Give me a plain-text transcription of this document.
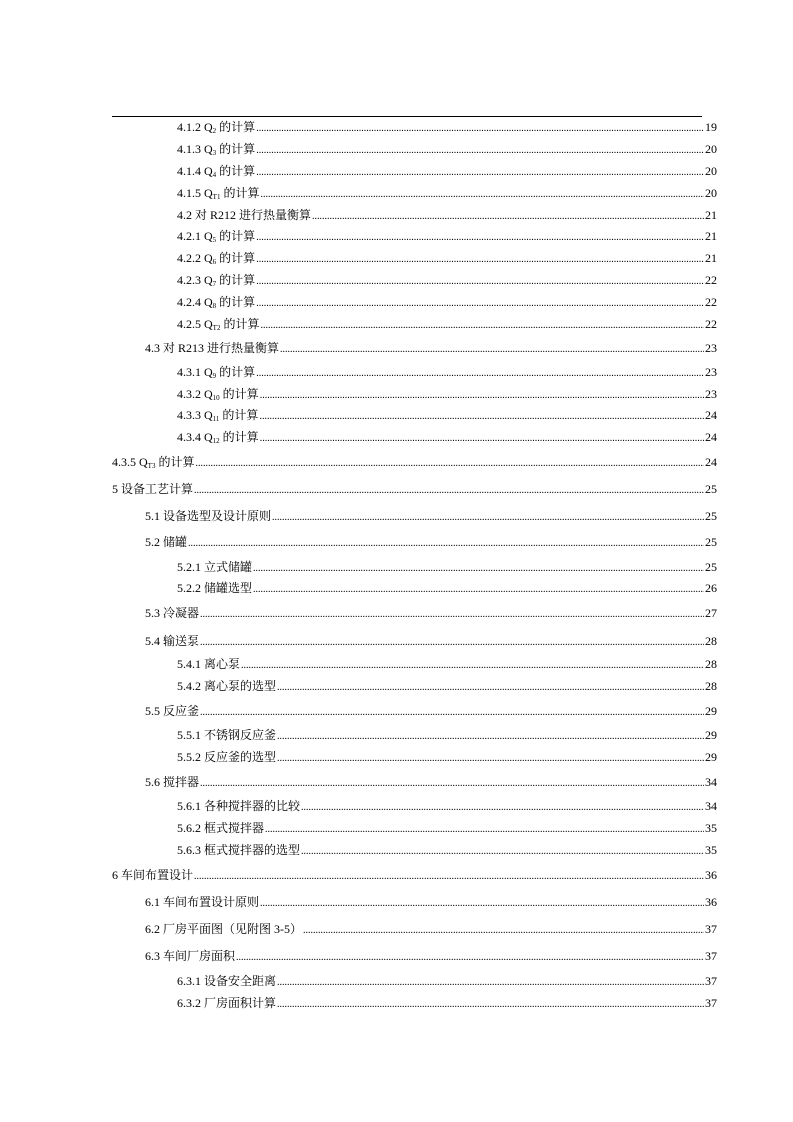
4.1.2 $Q_2$ 的计算 .....	19
4.1.3 $Q_3$ 的计算 .....	20
4.1.4 $Q_4$ 的计算 .....	20
4.1.5 $Q_{T1}$ 的计算 .....	20
4.2 对 R212 进行热量衡算 .....	21
4.2.1 $Q_5$ 的计算 .....	21
4.2.2 $Q_6$ 的计算 .....	21
4.2.3 $Q_7$ 的计算 .....	22
4.2.4 $Q_8$ 的计算 .....	22
4.2.5 $Q_{T2}$ 的计算 .....	22
4.3 对 R213 进行热量衡算 .....	23
4.3.1 $Q_9$ 的计算 .....	23
4.3.2 $Q_{10}$ 的计算 .....	23
4.3.3 $Q_{11}$ 的计算 .....	24
4.3.4 $Q_{12}$ 的计算 .....	24
4.3.5 $Q_{T3}$ 的计算 .....	24
5 设备工艺计算 .....	25
5.1 设备选型及设计原则 .....	25
5.2 储罐 .....	25
5.2.1 立式储罐 .....	25
5.2.2 储罐选型 .....	26
5.3 冷凝器 .....	27
5.4 输送泵 .....	28
5.4.1 离心泵 .....	28
5.4.2 离心泵的选型 .....	28
5.5 反应釜 .....	29
5.5.1 不锈钢反应釜 .....	29
5.5.2 反应釜的选型 .....	29
5.6 搅拌器 .....	34
5.6.1 各种搅拌器的比较 .....	34
5.6.2 框式搅拌器 .....	35
5.6.3 框式搅拌器的选型 .....	35
6 车间布置设计 .....	36
6.1 车间布置设计原则 .....	36
6.2 厂房平面图（见附图 3-5） .....	37
6.3 车间厂房面积 .....	37
6.3.1 设备安全距离 .....	37
6.3.2 厂房面积计算 .....	37
